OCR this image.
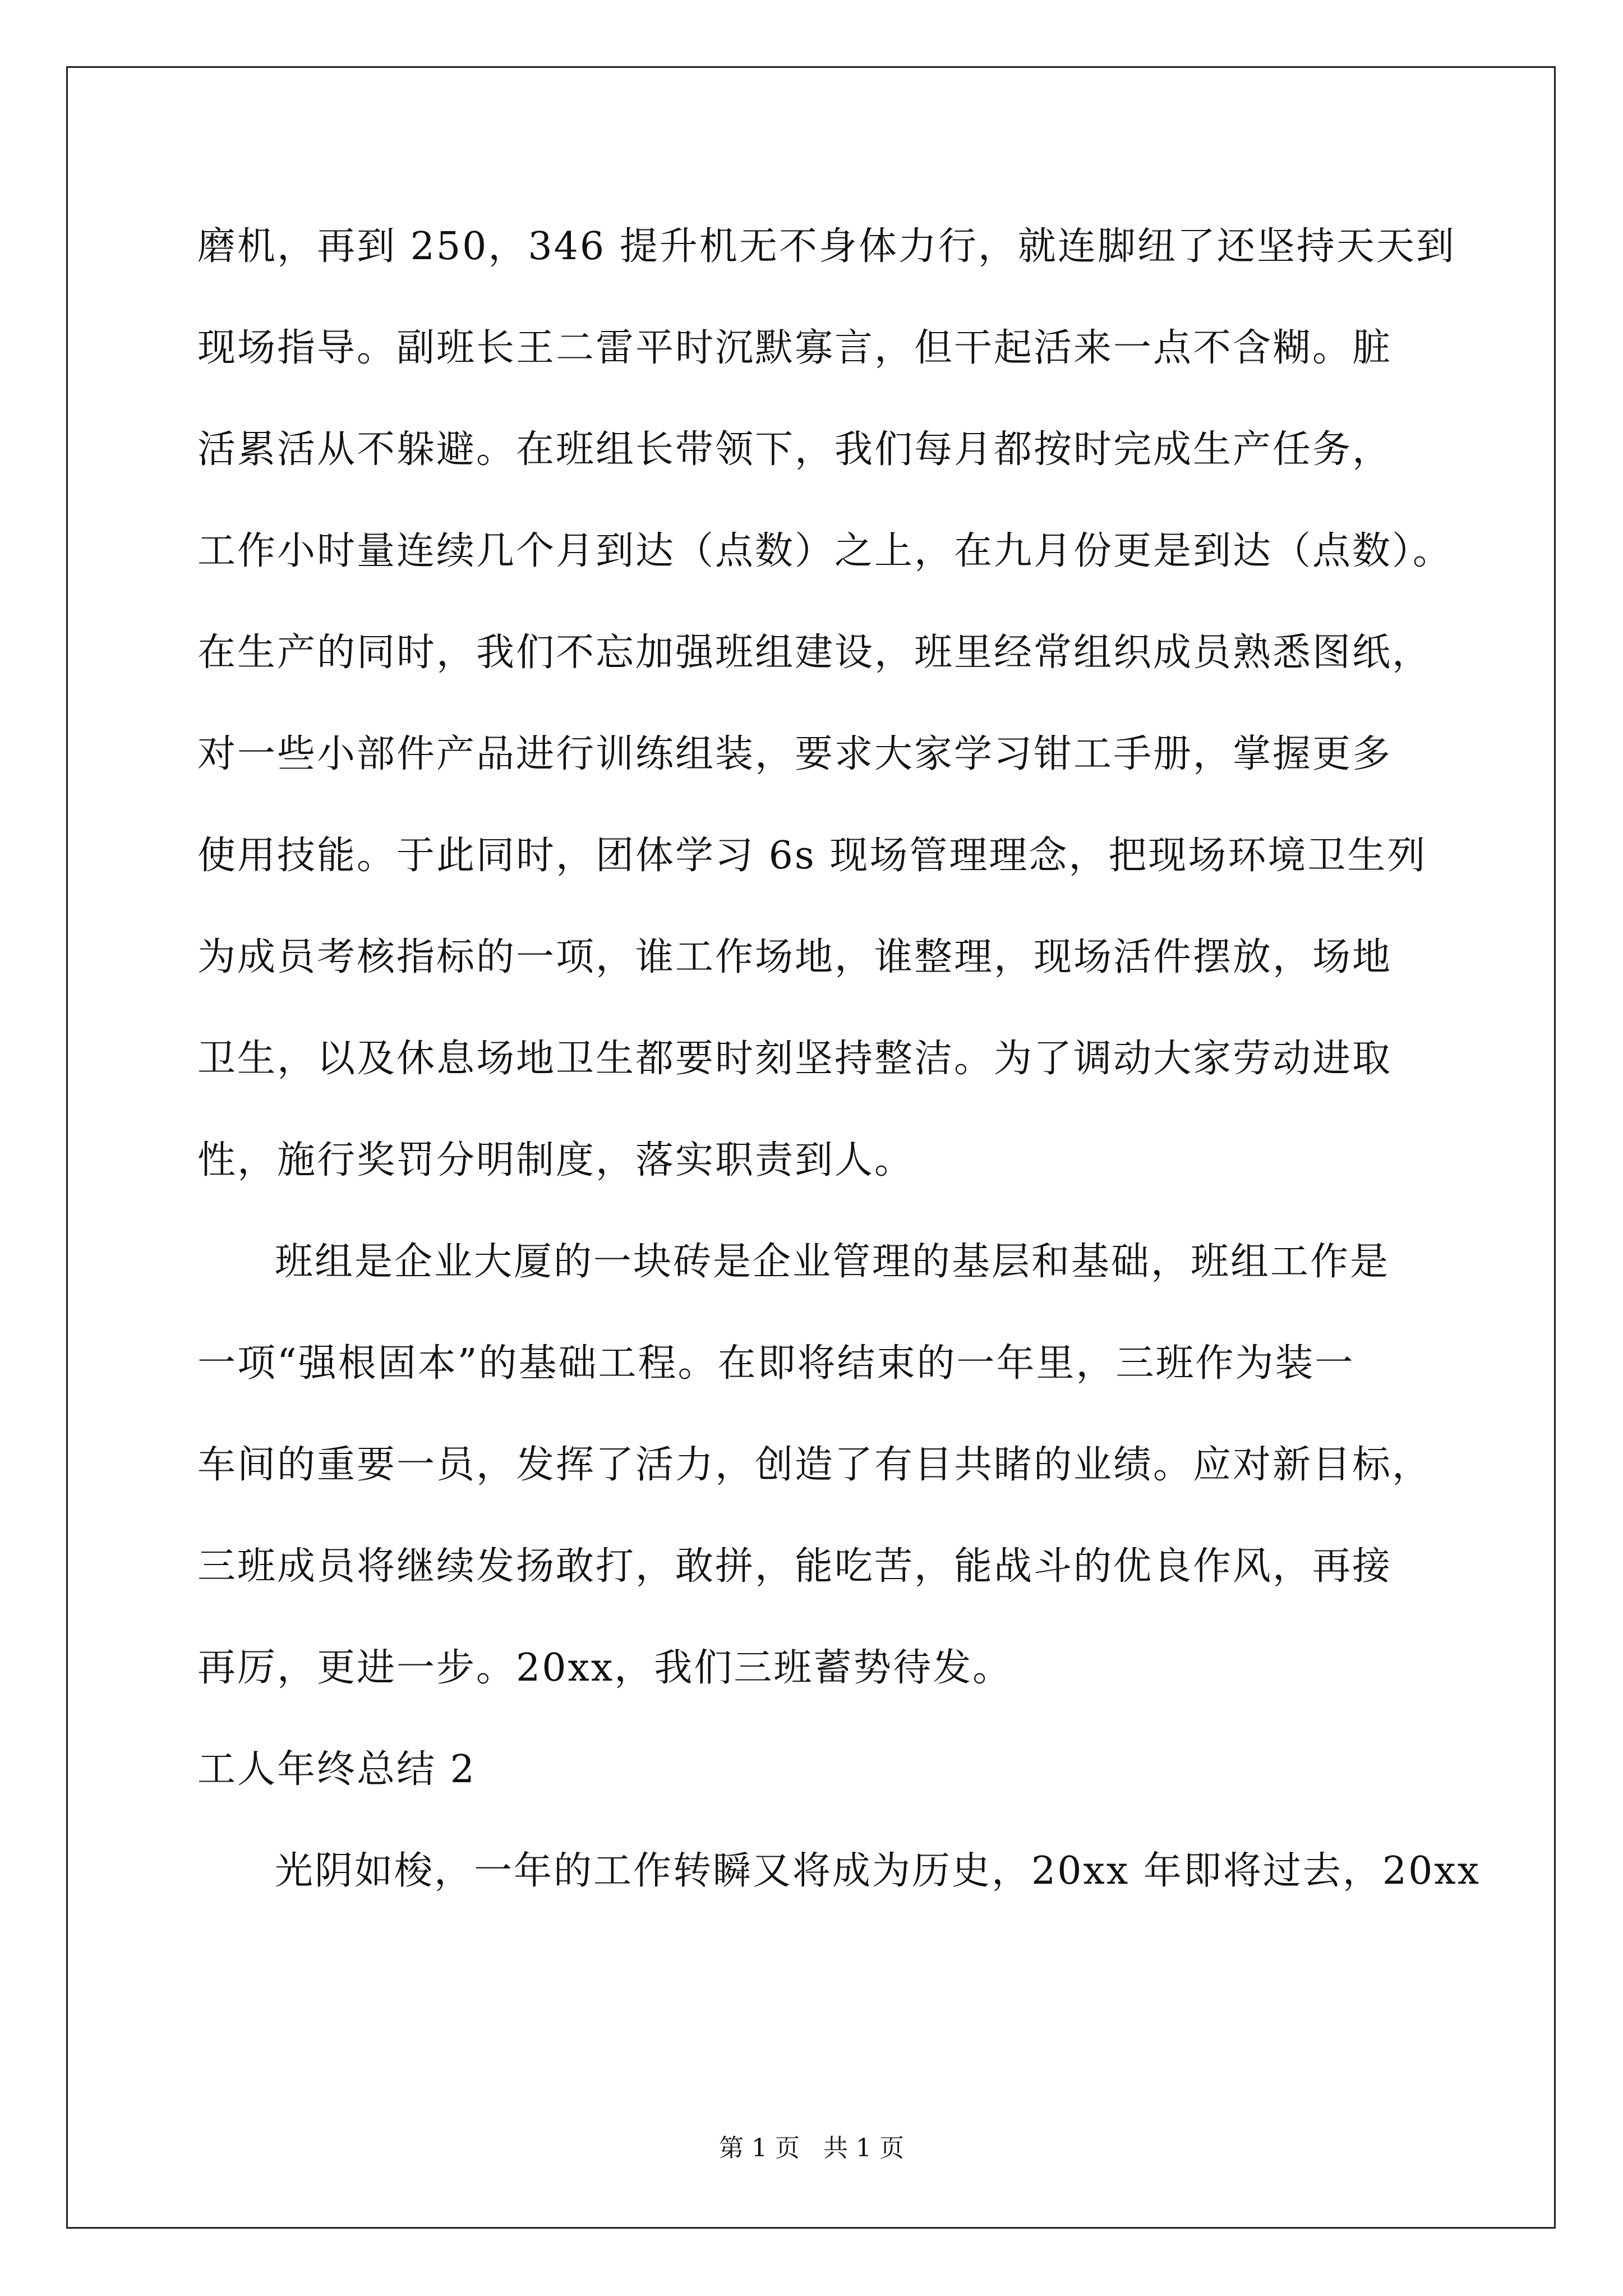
磨机，再到 250，346 提升机无不身体力行，就连脚纽了还坚持天天到
现场指导。副班长王二雷平时沉默寡言，但干起活来一点不含糊。脏
活累活从不躲避。在班组长带领下，我们每月都按时完成生产任务，
工作小时量连续几个月到达（点数）之上，在九月份更是到达（点数）。
在生产的同时，我们不忘加强班组建设，班里经常组织成员熟悉图纸，
对一些小部件产品进行训练组装，要求大家学习钳工手册，掌握更多
使用技能。于此同时，团体学习 6s 现场管理理念，把现场环境卫生列
为成员考核指标的一项，谁工作场地，谁整理，现场活件摆放，场地
卫生，以及休息场地卫生都要时刻坚持整洁。为了调动大家劳动进取
性，施行奖罚分明制度，落实职责到人。
班组是企业大厦的一块砖是企业管理的基层和基础，班组工作是
一项“强根固本”的基础工程。在即将结束的一年里，三班作为装一
车间的重要一员，发挥了活力，创造了有目共睹的业绩。应对新目标，
三班成员将继续发扬敢打，敢拼，能吃苦，能战斗的优良作风，再接
再厉，更进一步。20xx，我们三班蓄势待发。
工人年终总结 2
光阴如梭，一年的工作转瞬又将成为历史，20xx 年即将过去，20xx
第 1 页   共 1 页
